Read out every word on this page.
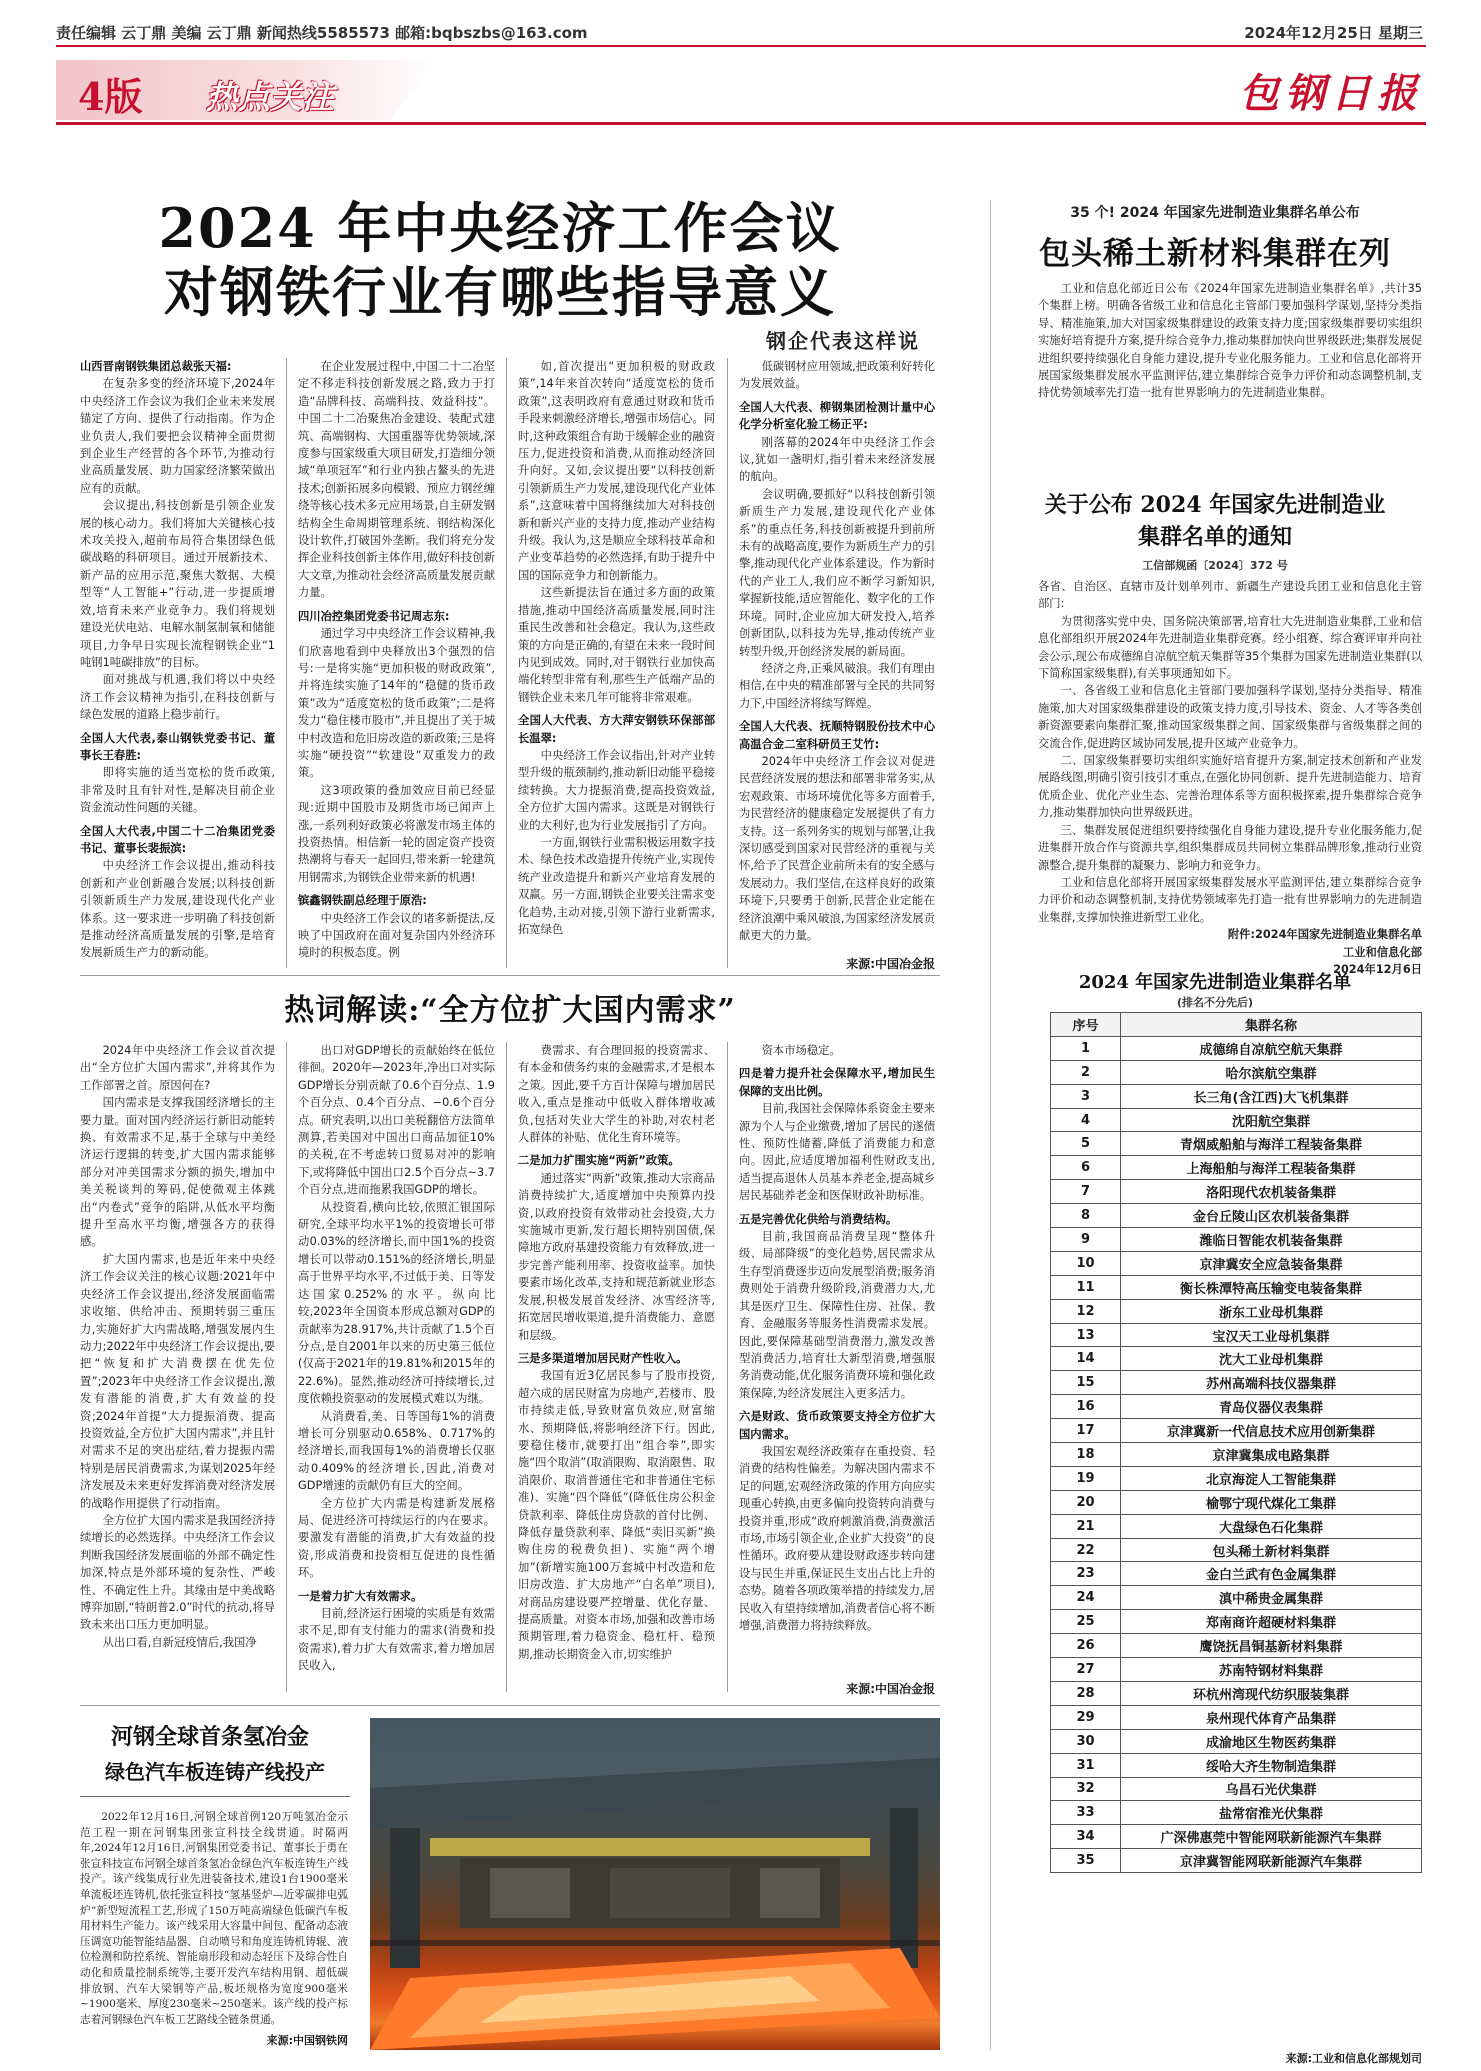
责任编辑 云丁鼎 美编 云丁鼎 新闻热线5585573 邮箱:bqbszbs@163.com	2024年12月25日 星期三
4版 热点关注	包钢日报
2024 年中央经济工作会议
对钢铁行业有哪些指导意义
钢企代表这样说

山西晋南钢铁集团总裁张天福:

在复杂多变的经济环境下,2024年中央经济工作会议为我们企业未来发展锚定了方向、提供了行动指南。作为企业负责人,我们要把会议精神全面贯彻到企业生产经营的各个环节,为推动行业高质量发展、助力国家经济繁荣做出应有的贡献。

会议提出,科技创新是引领企业发展的核心动力。我们将加大关键核心技术攻关投入,超前布局符合集团绿色低碳战略的科研项目。通过开展新技术、新产品的应用示范,聚焦大数据、大模型等“人工智能+”行动,进一步提质增效,培育未来产业竞争力。我们将规划建设光伏电站、电解水制氢制氧和储能项目,力争早日实现长流程钢铁企业“1吨钢1吨碳排放”的目标。

面对挑战与机遇,我们将以中央经济工作会议精神为指引,在科技创新与绿色发展的道路上稳步前行。

全国人大代表,泰山钢铁党委书记、董事长王春胜:

即将实施的适当宽松的货币政策,非常及时且有针对性,是解决目前企业资金流动性问题的关键。

全国人大代表,中国二十二冶集团党委书记、董事长裴振滨:

中央经济工作会议提出,推动科技创新和产业创新融合发展;以科技创新引领新质生产力发展,建设现代化产业体系。这一要求进一步明确了科技创新是推动经济高质量发展的引擎,是培育发展新质生产力的新动能。

在企业发展过程中,中国二十二冶坚定不移走科技创新发展之路,致力于打造“品牌科技、高端科技、效益科技”。中国二十二冶聚焦冶金建设、装配式建筑、高端钢构、大国重器等优势领域,深度参与国家级重大项目研发,打造细分领域“单项冠军”和行业内独占鳌头的先进技术;创新拓展多向模锻、预应力钢丝缠绕等核心技术多元应用场景,自主研发钢结构全生命周期管理系统、钢结构深化设计软件,打破国外垄断。我们将充分发挥企业科技创新主体作用,做好科技创新大文章,为推动社会经济高质量发展贡献力量。

四川冶控集团党委书记周志东:

通过学习中央经济工作会议精神,我们欣喜地看到中央释放出3个强烈的信号:一是将实施“更加积极的财政政策”,并将连续实施了14年的“稳健的货币政策”改为“适度宽松的货币政策”;二是将发力“稳住楼市股市”,并且提出了关于城中村改造和危旧房改造的新政策;三是将实施“硬投资”“软建设”双重发力的政策。

这3项政策的叠加效应目前已经显现:近期中国股市及期货市场已闻声上涨,一系列利好政策必将激发市场主体的投资热情。相信新一轮的固定资产投资热潮将与春天一起回归,带来新一轮建筑用钢需求,为钢铁企业带来新的机遇!

镔鑫钢铁副总经理于原浩:

中央经济工作会议的诸多新提法,反映了中国政府在面对复杂国内外经济环境时的积极态度。例

如,首次提出“更加积极的财政政策”,14年来首次转向“适度宽松的货币政策”,这表明政府有意通过财政和货币手段来刺激经济增长,增强市场信心。同时,这种政策组合有助于缓解企业的融资压力,促进投资和消费,从而推动经济回升向好。又如,会议提出要“以科技创新引领新质生产力发展,建设现代化产业体系”,这意味着中国将继续加大对科技创新和新兴产业的支持力度,推动产业结构升级。我认为,这是顺应全球科技革命和产业变革趋势的必然选择,有助于提升中国的国际竞争力和创新能力。

这些新提法旨在通过多方面的政策措施,推动中国经济高质量发展,同时注重民生改善和社会稳定。我认为,这些政策的方向是正确的,有望在未来一段时间内见到成效。同时,对于钢铁行业加快高端化转型非常有利,那些生产低端产品的钢铁企业未来几年可能将非常艰难。

全国人大代表、方大萍安钢铁环保部部长温翠:

中央经济工作会议指出,针对产业转型升级的瓶颈制约,推动新旧动能平稳接续转换。大力提振消费,提高投资效益,全方位扩大国内需求。这既是对钢铁行业的大利好,也为行业发展指引了方向。

一方面,钢铁行业需积极运用数字技术、绿色技术改造提升传统产业,实现传统产业改造提升和新兴产业培育发展的双赢。另一方面,钢铁企业要关注需求变化趋势,主动对接,引领下游行业新需求,拓宽绿色

低碳钢材应用领域,把政策利好转化为发展效益。

全国人大代表、柳钢集团检测计量中心化学分析室化验工杨正平:

刚落幕的2024年中央经济工作会议,犹如一盏明灯,指引着未来经济发展的航向。

会议明确,要抓好“以科技创新引领新质生产力发展,建设现代化产业体系”的重点任务,科技创新被提升到前所未有的战略高度,要作为新质生产力的引擎,推动现代化产业体系建设。作为新时代的产业工人,我们应不断学习新知识,掌握新技能,适应智能化、数字化的工作环境。同时,企业应加大研发投入,培养创新团队,以科技为先导,推动传统产业转型升级,开创经济发展的新局面。

经济之舟,正乘风破浪。我们有理由相信,在中央的精准部署与全民的共同努力下,中国经济将续写辉煌。

全国人大代表、抚顺特钢股份技术中心高温合金二室科研员王艾竹:

2024年中央经济工作会议对促进民营经济发展的想法和部署非常务实,从宏观政策、市场环境优化等多方面着手,为民营经济的健康稳定发展提供了有力支持。这一系列务实的规划与部署,让我深切感受到国家对民营经济的重视与关怀,给予了民营企业前所未有的安全感与发展动力。我们坚信,在这样良好的政策环境下,只要勇于创新,民营企业定能在经济浪潮中乘风破浪,为国家经济发展贡献更大的力量。

来源:中国冶金报
35 个! 2024 年国家先进制造业集群名单公布
包头稀土新材料集群在列

工业和信息化部近日公布《2024年国家先进制造业集群名单》,共计35个集群上榜。明确各省级工业和信息化主管部门要加强科学谋划,坚持分类指导、精准施策,加大对国家级集群建设的政策支持力度;国家级集群要切实组织实施好培育提升方案,提升综合竞争力,推动集群加快向世界级跃进;集群发展促进组织要持续强化自身能力建设,提升专业化服务能力。工业和信息化部将开展国家级集群发展水平监测评估,建立集群综合竞争力评价和动态调整机制,支持优势领域率先打造一批有世界影响力的先进制造业集群。

关于公布 2024 年国家先进制造业
集群名单的通知
工信部规函〔2024〕372 号

各省、自治区、直辖市及计划单列市、新疆生产建设兵团工业和信息化主管部门:

为贯彻落实党中央、国务院决策部署,培育壮大先进制造业集群,工业和信息化部组织开展2024年先进制造业集群竞赛。经小组赛、综合赛评审并向社会公示,现公布成德绵自凉航空航天集群等35个集群为国家先进制造业集群(以下简称国家级集群),有关事项通知如下。

一、各省级工业和信息化主管部门要加强科学谋划,坚持分类指导、精准施策,加大对国家级集群建设的政策支持力度,引导技术、资金、人才等各类创新资源要素向集群汇聚,推动国家级集群之间、国家级集群与省级集群之间的交流合作,促进跨区域协同发展,提升区域产业竞争力。

二、国家级集群要切实组织实施好培育提升方案,制定技术创新和产业发展路线图,明确引资引技引才重点,在强化协同创新、提升先进制造能力、培育优质企业、优化产业生态、完善治理体系等方面积极探索,提升集群综合竞争力,推动集群加快向世界级跃进。

三、集群发展促进组织要持续强化自身能力建设,提升专业化服务能力,促进集群开放合作与资源共享,组织集群成员共同树立集群品牌形象,推动行业资源整合,提升集群的凝聚力、影响力和竞争力。

工业和信息化部将开展国家级集群发展水平监测评估,建立集群综合竞争力评价和动态调整机制,支持优势领域率先打造一批有世界影响力的先进制造业集群,支撑加快推进新型工业化。

附件:2024年国家先进制造业集群名单

工业和信息化部

2024年12月6日

2024 年国家先进制造业集群名单
(排名不分先后)
序号	集群名称
1	成德绵自凉航空航天集群
2	哈尔滨航空集群
3	长三角(含江西)大飞机集群
4	沈阳航空集群
5	青烟威船舶与海洋工程装备集群
6	上海船舶与海洋工程装备集群
7	洛阳现代农机装备集群
8	金台丘陵山区农机装备集群
9	潍临日智能农机装备集群
10	京津冀安全应急装备集群
11	衡长株潭特高压输变电装备集群
12	浙东工业母机集群
13	宝汉天工业母机集群
14	沈大工业母机集群
15	苏州高端科技仪器集群
16	青岛仪器仪表集群
17	京津冀新一代信息技术应用创新集群
18	京津冀集成电路集群
19	北京海淀人工智能集群
20	榆鄂宁现代煤化工集群
21	大盘绿色石化集群
22	包头稀土新材料集群
23	金白兰武有色金属集群
24	滇中稀贵金属集群
25	郑南商许超硬材料集群
26	鹰饶抚昌铜基新材料集群
27	苏南特钢材料集群
28	环杭州湾现代纺织服装集群
29	泉州现代体育产品集群
30	成渝地区生物医药集群
31	绥哈大齐生物制造集群
32	乌昌石光伏集群
33	盐常宿淮光伏集群
34	广深佛惠莞中智能网联新能源汽车集群
35	京津冀智能网联新能源汽车集群
来源:工业和信息化部规划司
热词解读:“全方位扩大国内需求”

2024年中央经济工作会议首次提出“全方位扩大国内需求”,并将其作为工作部署之首。原因何在?

国内需求是支撑我国经济增长的主要力量。面对国内经济运行新旧动能转换、有效需求不足,基于全球与中美经济运行逻辑的转变,扩大国内需求能够部分对冲美国需求分额的损失,增加中美关税谈判的筹码,促使微观主体跳出“内卷式”竞争的陷阱,从低水平均衡提升至高水平均衡,增强各方的获得感。

扩大国内需求,也是近年来中央经济工作会议关注的核心议题:2021年中央经济工作会议提出,经济发展面临需求收缩、供给冲击、预期转弱三重压力,实施好扩大内需战略,增强发展内生动力;2022年中央经济工作会议提出,要把“恢复和扩大消费摆在优先位置”;2023年中央经济工作会议提出,激发有潜能的消费,扩大有效益的投资;2024年首提“大力提振消费、提高投资效益,全方位扩大国内需求”,并且针对需求不足的突出症结,着力提振内需特别是居民消费需求,为谋划2025年经济发展及未来更好发挥消费对经济发展的战略作用提供了行动指南。

全方位扩大国内需求是我国经济持续增长的必然选择。中央经济工作会议判断我国经济发展面临的外部不确定性加深,特点是外部环境的复杂性、严峻性、不确定性上升。其缘由是中美战略博弈加剧,“特朗普2.0”时代的抗动,将导致未来出口压力更加明显。

从出口看,自新冠疫情后,我国净

出口对GDP增长的贡献始终在低位徘徊。2020年—2023年,净出口对实际GDP增长分别贡献了0.6个百分点、1.9个百分点、0.4个百分点、−0.6个百分点。研究表明,以出口美税翻倍方法简单测算,若美国对中国出口商品加征10%的关税,在不考虑转口贸易对冲的影响下,或将降低中国出口2.5个百分点~3.7个百分点,进而拖累我国GDP的增长。

从投资看,横向比较,依照汇银国际研究,全球平均水平1%的投资增长可带动0.03%的经济增长,而中国1%的投资增长可以带动0.151%的经济增长,明显高于世界平均水平,不过低于美、日等发达国家0.252%的水平。纵向比较,2023年全国资本形成总额对GDP的贡献率为28.917%,共计贡献了1.5个百分点,是自2001年以来的历史第三低位(仅高于2021年的19.81%和2015年的22.6%)。显然,推动经济可持续增长,过度依赖投资驱动的发展模式难以为继。

从消费看,美、日等国每1%的消费增长可分别驱动0.658%、0.717%的经济增长,而我国每1%的消费增长仅驱动0.409%的经济增长,因此,消费对GDP增速的贡献仍有巨大的空间。

全方位扩大内需是构建新发展格局、促进经济可持续运行的内在要求。要激发有潜能的消费,扩大有效益的投资,形成消费和投资相互促进的良性循环。

一是着力扩大有效需求。

目前,经济运行困境的实质是有效需求不足,即有支付能力的需求(消费和投资需求),着力扩大有效需求,着力增加居民收入,

费需求、有合理回报的投资需求、有本金和债务约束的金融需求,才是根本之策。因此,要千方百计保障与增加居民收入,重点是推动中低收入群体增收减负,包括对失业大学生的补助,对农村老人群体的补贴、优化生育环境等。

二是加力扩围实施“两新”政策。

通过落实“两新”政策,推动大宗商品消费持续扩大,适度增加中央预算内投资,以政府投资有效带动社会投资,大力实施城市更新,发行超长期特别国债,保障地方政府基建投资能力有效释放,进一步完善产能利用率、投资收益率。加快要素市场化改革,支持和规范新就业形态发展,积极发展首发经济、冰雪经济等,拓宽居民增收渠道,提升消费能力、意愿和层级。

三是多渠道增加居民财产性收入。

我国有近3亿居民参与了股市投资,超六成的居民财富为房地产,若楼市、股市持续走低,导致财富负效应,财富缩水、预期降低,将影响经济下行。因此,要稳住楼市,就要打出“组合拳”,即实施“四个取消”(取消限购、取消限售、取消限价、取消普通住宅和非普通住宅标准)、实施“四个降低”(降低住房公积金贷款利率、降低住房贷款的首付比例、降低存量贷款利率、降低“卖旧买新”换购住房的税费负担)、实施“两个增加”(新增实施100万套城中村改造和危旧房改造、扩大房地产“白名单”项目),对商品房建设要严控增量、优化存量、提高质量。对资本市场,加强和改善市场预期管理,着力稳资金、稳杠杆、稳预期,推动长期资金入市,切实维护

资本市场稳定。

四是着力提升社会保障水平,增加民生保障的支出比例。

目前,我国社会保障体系资金主要来源为个人与企业缴费,增加了居民的遂债性、预防性储蓄,降低了消费能力和意向。因此,应适度增加福利性财政支出,适当提高退休人员基本养老金,提高城乡居民基础养老金和医保财政补助标准。

五是完善优化供给与消费结构。

目前,我国商品消费呈现“整体升级、局部降级”的变化趋势,居民需求从生存型消费逐步迈向发展型消费;服务消费则处于消费升级阶段,消费潜力大,尤其是医疗卫生、保障性住房、社保、教育、金融服务等服务性消费需求发展。因此,要保障基础型消费潜力,激发改善型消费活力,培育壮大新型消费,增强服务消费动能,优化服务消费环境和强化政策保障,为经济发展注入更多活力。

六是财政、货币政策要支持全方位扩大国内需求。

我国宏观经济政策存在重投资、轻消费的结构性偏差。为解决国内需求不足的问题,宏观经济政策的作用方向应实现重心转换,由更多偏向投资转向消费与投资并重,形成“政府刺激消费,消费激活市场,市场引领企业,企业扩大投资”的良性循环。政府要从建设财政逐步转向建设与民生并重,保证民生支出占比上升的态势。随着各项政策举措的持续发力,居民收入有望持续增加,消费者信心将不断增强,消费潜力将持续释放。

来源:中国冶金报
河钢全球首条氢冶金
绿色汽车板连铸产线投产

2022年12月16日,河钢全球首例120万吨氢冶金示范工程一期在河钢集团张宣科技全线贯通。时隔两年,2024年12月16日,河钢集团党委书记、董事长于勇在张宣科技宣布河钢全球首条氢冶金绿色汽车板连铸生产线投产。该产线集成行业先进装备技术,建设1台1900毫米单流板坯连铸机,依托张宣科技“氢基竖炉—近零碳排电弧炉”新型短流程工艺,形成了150万吨高端绿色低碳汽车板用材料生产能力。该产线采用大容量中间包、配备动态液压调宽功能智能结晶器、自动喷号和角度连铸机铸辊、液位检测和防控系统、智能扇形段和动态轻压下及综合性自动化和质量控制系统等,主要开发汽车结构用钢、超低碳排放钢、汽车大梁钢等产品,板坯规格为宽度900毫米~1900毫米、厚度230毫米~250毫米。该产线的投产标志着河钢绿色汽车板工艺路线全链条贯通。

来源:中国钢铁网
